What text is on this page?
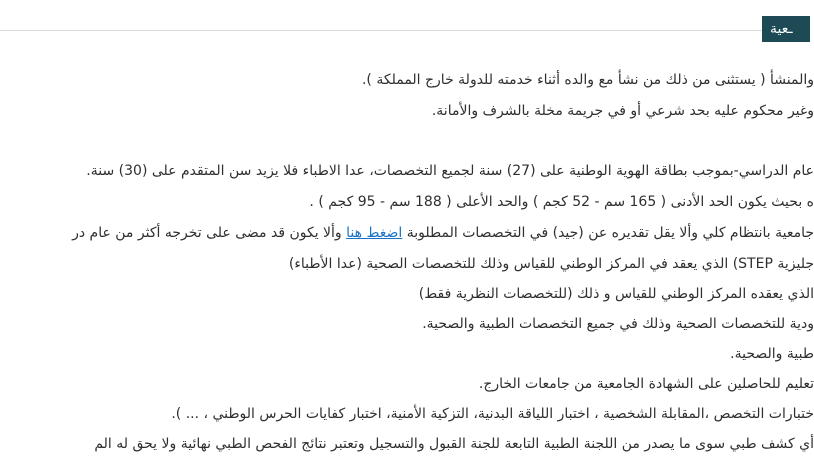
ـعية
والمنشأ ( يستثنى من ذلك من نشأ مع والده أثناء خدمته للدولة خارج المملكة ).
وغير محكوم عليه بحد شرعي أو في جريمة مخلة بالشرف والأمانة.
عام الدراسي-بموجب بطاقة الهوية الوطنية على (27) سنة لجميع التخصصات، عدا الاطباء فلا يزيد سن المتقدم على (30) سنة.
ه بحيث يكون الحد الأدنى ( 165 سم - 52 كجم ) والحد الأعلى ( 188 سم - 95 كجم ) .
جامعية بانتظام كلي وألا يقل تقديره عن (جيد) في التخصصات المطلوبة اضغط هنا وألا يكون قد مضى على تخرجه أكثر من عام در
جليزية STEP) الذي يعقد في المركز الوطني للقياس وذلك للتخصصات الصحية (عدا الأطباء)
الذي يعقده المركز الوطني للقياس و ذلك (للتخصصات النظرية فقط)
ودية للتخصصات الصحية وذلك في جميع التخصصات الطبية والصحية.
طبية والصحية.
تعليم للحاصلين على الشهادة الجامعية من جامعات الخارج.
ختبارات التخصص ،المقابلة الشخصية ، اختبار اللياقة البدنية، التزكية الأمنية، اختبار كفايات الحرس الوطني ، ... ).
أي كشف طبي سوى ما يصدر من اللجنة الطبية التابعة للجنة القبول والتسجيل وتعتبر نتائج الفحص الطبي نهائية ولا يحق له الم
